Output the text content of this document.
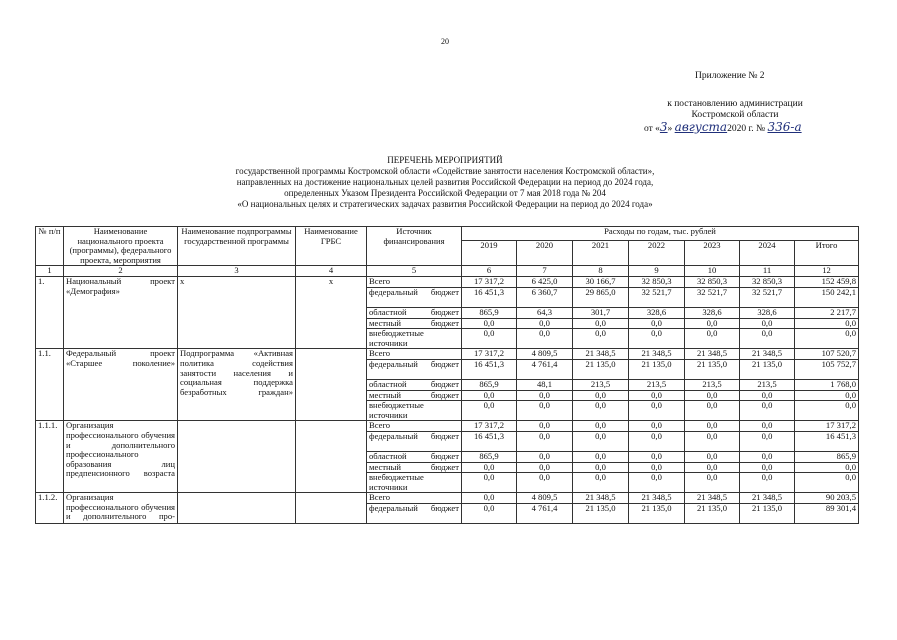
20
Приложение № 2
к постановлению администрации
Костромской области
от «3» августа2020 г. № 336-а
ПЕРЕЧЕНЬ МЕРОПРИЯТИЙ
государственной программы Костромской области «Содействие занятости населения Костромской области»,
направленных на достижение национальных целей развития Российской Федерации на период до 2024 года,
определенных Указом Президента Российской Федерации от 7 мая 2018 года № 204
«О национальных целях и стратегических задачах развития Российской Федерации на период до 2024 года»
№ п/п	Наименование национального проекта (программы), федерального проекта, мероприятия	Наименование подпрограммы государственной программы	Наименование ГРБС	Источник финансирования	Расходы по годам, тыс. рублей						
					2019	2020	2021	2022	2023	2024	Итого
1	2	3	4	5	6	7	8	9	10	11	12
1.	Национальный проект «Демография»	х	х	Всего	17 317,2	6 425,0	30 166,7	32 850,3	32 850,3	32 850,3	152 459,8
				федеральный бюджет	16 451,3	6 360,7	29 865,0	32 521,7	32 521,7	32 521,7	150 242,1
				областной бюджет	865,9	64,3	301,7	328,6	328,6	328,6	2 217,7
				местный бюджет	0,0	0,0	0,0	0,0	0,0	0,0	0,0
				внебюджетные источники	0,0	0,0	0,0	0,0	0,0	0,0	0,0
1.1.	Федеральный проект «Старшее поколение»	Подпрограмма «Активная политика содействия занятости населения и социальная поддержка безработных граждан»		Всего	17 317,2	4 809,5	21 348,5	21 348,5	21 348,5	21 348,5	107 520,7
				федеральный бюджет	16 451,3	4 761,4	21 135,0	21 135,0	21 135,0	21 135,0	105 752,7
				областной бюджет	865,9	48,1	213,5	213,5	213,5	213,5	1 768,0
				местный бюджет	0,0	0,0	0,0	0,0	0,0	0,0	0,0
				внебюджетные источники	0,0	0,0	0,0	0,0	0,0	0,0	0,0
1.1.1.	Организация профессионального обучения и дополнительного профессионального образования лиц предпенсионного возраста			Всего	17 317,2	0,0	0,0	0,0	0,0	0,0	17 317,2
				федеральный бюджет	16 451,3	0,0	0,0	0,0	0,0	0,0	16 451,3
				областной бюджет	865,9	0,0	0,0	0,0	0,0	0,0	865,9
				местный бюджет	0,0	0,0	0,0	0,0	0,0	0,0	0,0
				внебюджетные источники	0,0	0,0	0,0	0,0	0,0	0,0	0,0
1.1.2.	Организация профессионального обучения и дополнительного про-			Всего	0,0	4 809,5	21 348,5	21 348,5	21 348,5	21 348,5	90 203,5
				федеральный бюджет	0,0	4 761,4	21 135,0	21 135,0	21 135,0	21 135,0	89 301,4
